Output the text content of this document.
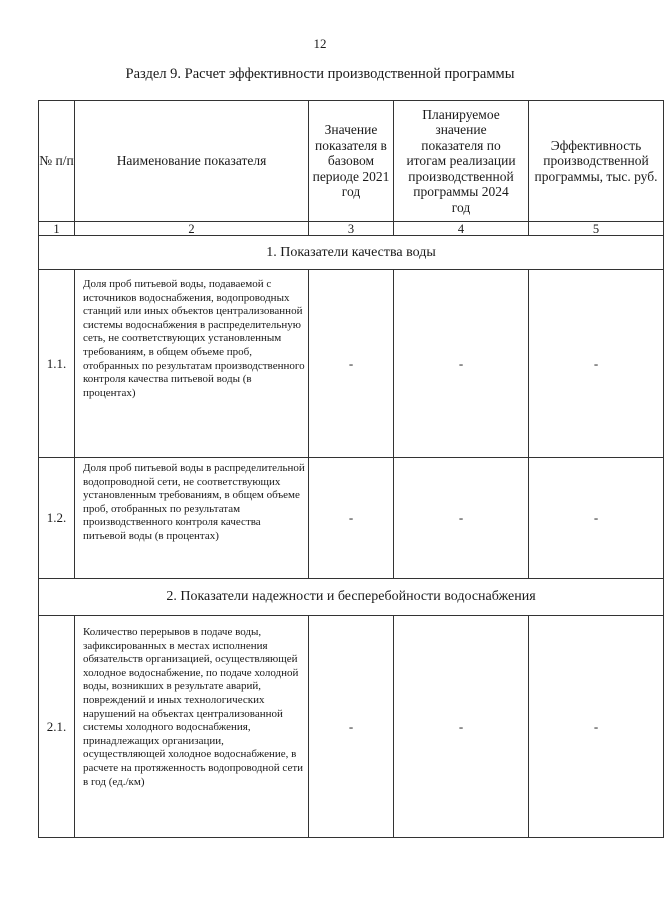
12
Раздел 9. Расчет эффективности производственной программы
№ п/п	Наименование показателя	Значение показателя в базовом периоде 2021 год	Планируемое значение показателя по итогам реализации производственной программы 2024 год	Эффективность производственной программы, тыс. руб.
1	2	3	4	5
1. Показатели качества воды				
1.1.	Доля проб питьевой воды, подаваемой с источников водоснабжения, водопроводных станций или иных объектов централизованной системы водоснабжения в распределительную сеть, не соответствующих установленным требованиям, в общем объеме проб, отобранных по результатам производственного контроля качества питьевой воды (в процентах)	-	-	-
1.2.	Доля проб питьевой воды в распределительной водопроводной сети, не соответствующих установленным требованиям, в общем объеме проб, отобранных по результатам производственного контроля качества питьевой воды (в процентах)	-	-	-
2. Показатели надежности и бесперебойности водоснабжения				
2.1.	Количество перерывов в подаче воды, зафиксированных в местах исполнения обязательств организацией, осуществляющей холодное водоснабжение, по подаче холодной воды, возникших в результате аварий, повреждений и иных технологических нарушений на объектах централизованной системы холодного водоснабжения, принадлежащих организации, осуществляющей холодное водоснабжение, в расчете на протяженность водопроводной сети в год (ед./км)	-	-	-
